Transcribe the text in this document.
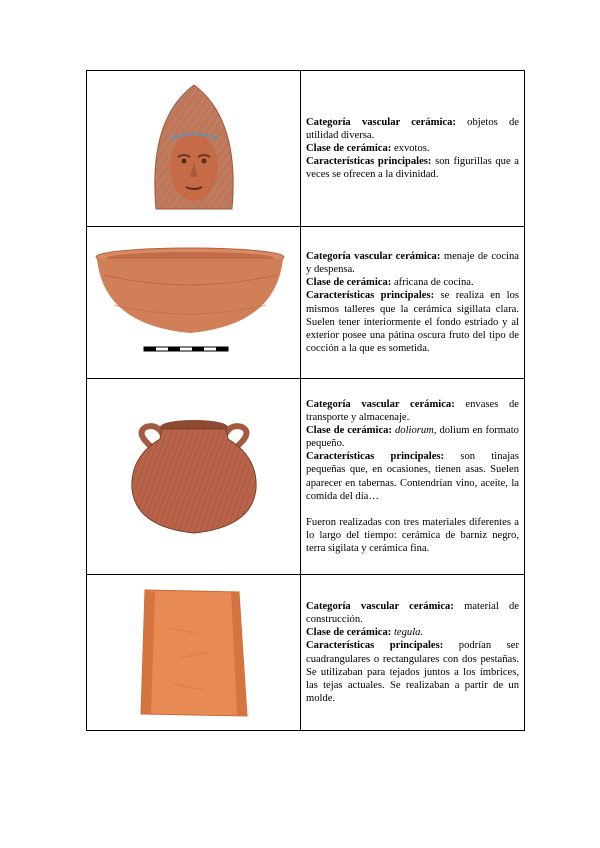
Categoría vascular cerámica: objetos de utilidad diversa.

Clase de cerámica: exvotos.

Características principales: son figurillas que a veces se ofrecen a la divinidad.

Categoría vascular cerámica: menaje de cocina y despensa.

Clase de cerámica: africana de cocina.

Características principales: se realiza en los mismos talleres que la cerámica sigillata clara. Suelen tener interiormente el fondo estriado y al exterior posee una pátina oscura fruto del tipo de cocción a la que es sometida.

Categoría vascular cerámica: envases de transporte y almacenaje.

Clase de cerámica: doliorum, dolium en formato pequeño.

Características principales: son tinajas pequeñas que, en ocasiones, tienen asas. Suelen aparecer en tabernas. Contendrían vino, aceite, la comida del día…

Fueron realizadas con tres materiales diferentes a lo largo del tiempo: cerámica de barniz negro, terra sigilata y cerámica fina.

Categoría vascular cerámica: material de construcción.

Clase de cerámica: tegula.

Características principales: podrían ser cuadrangulares o rectangulares con dos pestañas. Se utilizaban para tejados juntos a los ímbrices, las tejas actuales. Se realizaban a partir de un molde.
